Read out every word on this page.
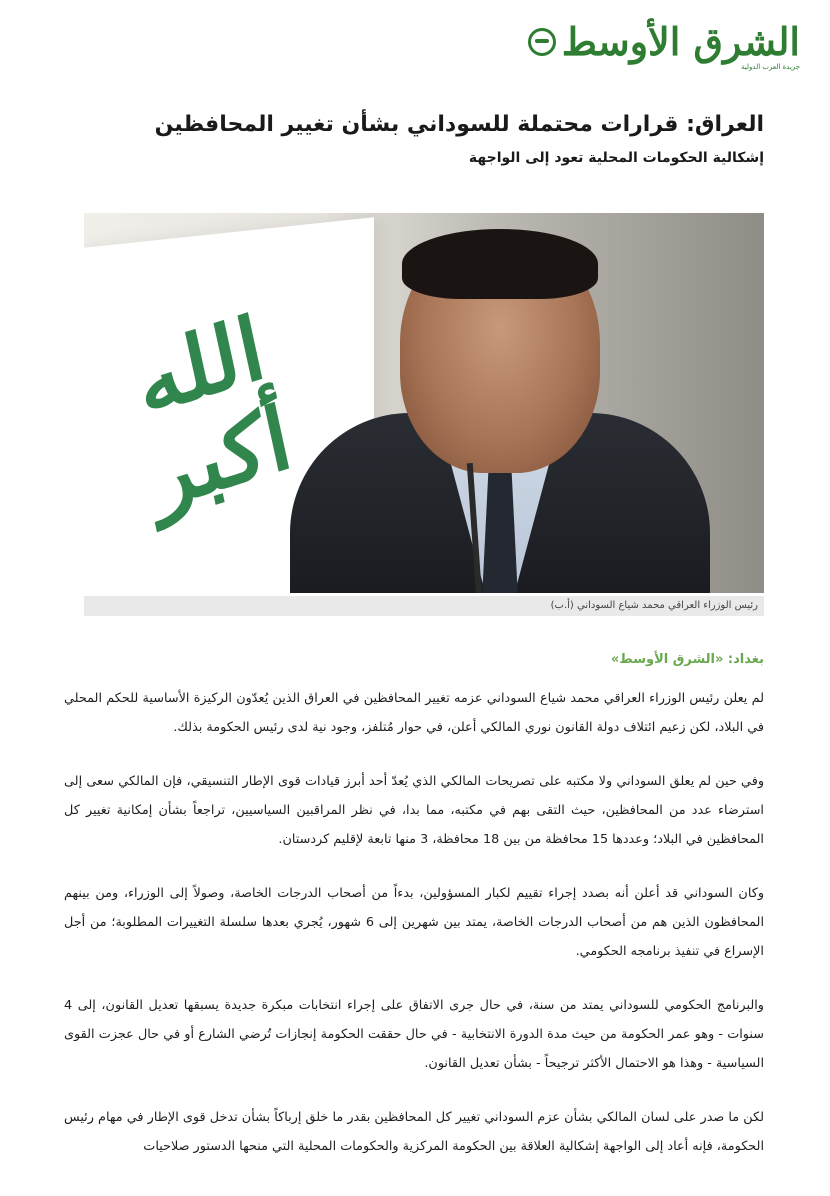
الشرق الأوسط
جريدة العرب الدولية
العراق: قرارات محتملة للسوداني بشأن تغيير المحافظين
إشكالية الحكومات المحلية تعود إلى الواجهة
الله أكبر
رئيس الوزراء العراقي محمد شياع السوداني (أ.ب)

بغداد: «الشرق الأوسط»

لم يعلن رئيس الوزراء العراقي محمد شياع السوداني عزمه تغيير المحافظين في العراق الذين يُعدّون الركيزة الأساسية للحكم المحلي في البلاد، لكن زعيم ائتلاف دولة القانون نوري المالكي أعلن، في حوار مُتلفز، وجود نية لدى رئيس الحكومة بذلك.

وفي حين لم يعلق السوداني ولا مكتبه على تصريحات المالكي الذي يُعدّ أحد أبرز قيادات قوى الإطار التنسيقي، فإن المالكي سعى إلى استرضاء عدد من المحافظين، حيث التقى بهم في مكتبه، مما بدا، في نظر المراقبين السياسيين، تراجعاً بشأن إمكانية تغيير كل المحافظين في البلاد؛ وعددها 15 محافظة من بين 18 محافظة، 3 منها تابعة لإقليم كردستان.

وكان السوداني قد أعلن أنه بصدد إجراء تقييم لكبار المسؤولين، بدءاً من أصحاب الدرجات الخاصة، وصولاً إلى الوزراء، ومن بينهم المحافظون الذين هم من أصحاب الدرجات الخاصة، يمتد بين شهرين إلى 6 شهور، يُجري بعدها سلسلة التغييرات المطلوبة؛ من أجل الإسراع في تنفيذ برنامجه الحكومي.

والبرنامج الحكومي للسوداني يمتد من سنة، في حال جرى الاتفاق على إجراء انتخابات مبكرة جديدة يسبقها تعديل القانون، إلى 4 سنوات - وهو عمر الحكومة من حيث مدة الدورة الانتخابية - في حال حققت الحكومة إنجازات تُرضي الشارع أو في حال عجزت القوى السياسية - وهذا هو الاحتمال الأكثر ترجيحاً - بشأن تعديل القانون.

لكن ما صدر على لسان المالكي بشأن عزم السوداني تغيير كل المحافظين بقدر ما خلق إرباكاً بشأن تدخل قوى الإطار في مهام رئيس الحكومة، فإنه أعاد إلى الواجهة إشكالية العلاقة بين الحكومة المركزية والحكومات المحلية التي منحها الدستور صلاحيات
